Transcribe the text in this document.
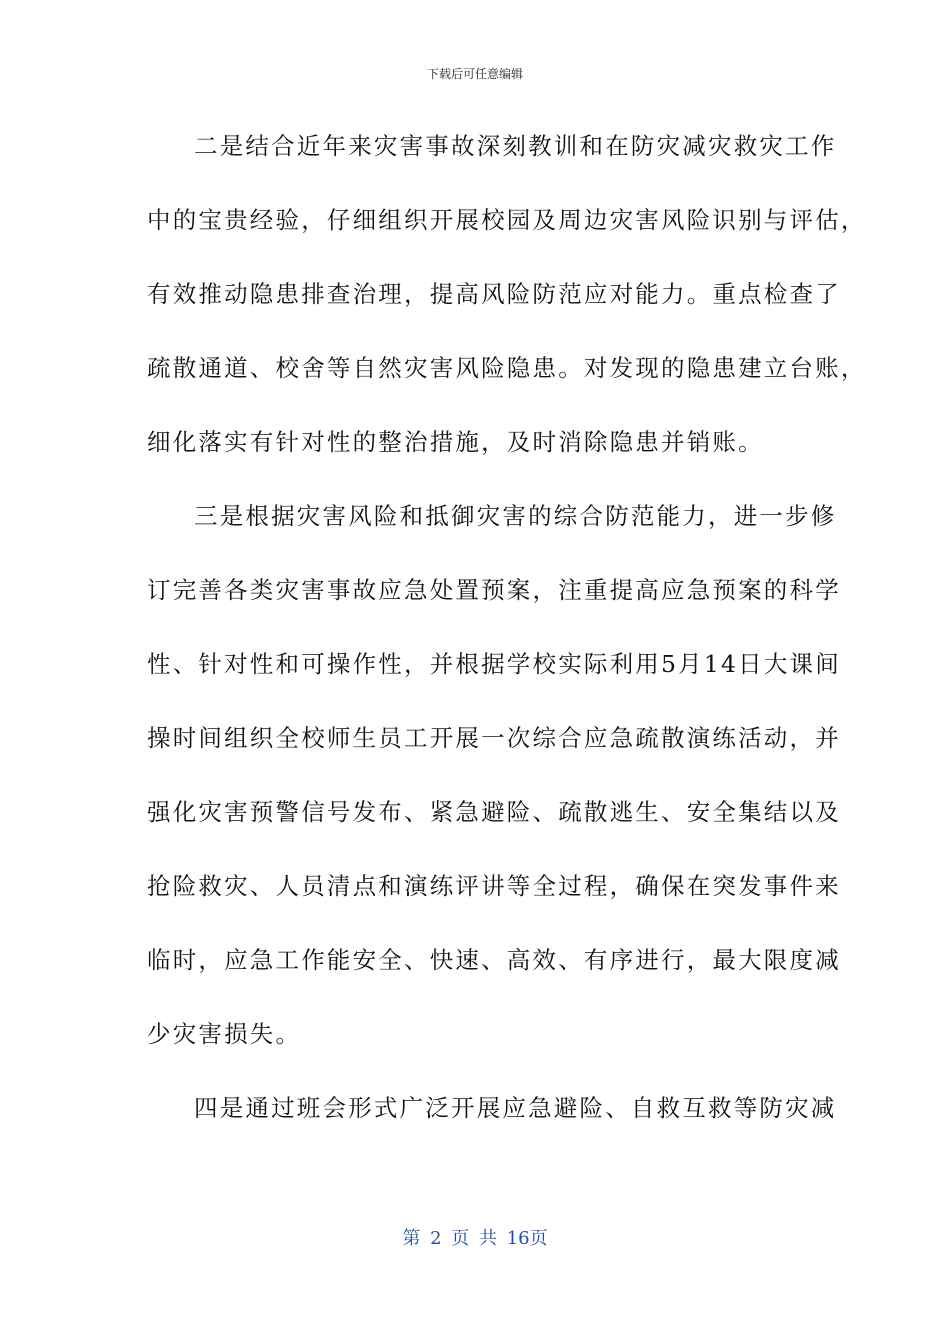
下载后可任意编辑
二是结合近年来灾害事故深刻教训和在防灾减灾救灾工作
中的宝贵经验，仔细组织开展校园及周边灾害风险识别与评估，
有效推动隐患排查治理，提高风险防范应对能力。重点检查了
疏散通道、校舍等自然灾害风险隐患。对发现的隐患建立台账，
细化落实有针对性的整治措施，及时消除隐患并销账。
三是根据灾害风险和抵御灾害的综合防范能力，进一步修
订完善各类灾害事故应急处置预案，注重提高应急预案的科学
性、针对性和可操作性，并根据学校实际利用5月14日大课间
操时间组织全校师生员工开展一次综合应急疏散演练活动，并
强化灾害预警信号发布、紧急避险、疏散逃生、安全集结以及
抢险救灾、人员清点和演练评讲等全过程，确保在突发事件来
临时，应急工作能安全、快速、高效、有序进行，最大限度减
少灾害损失。
四是通过班会形式广泛开展应急避险、自救互救等防灾减
第 2 页 共 16页
